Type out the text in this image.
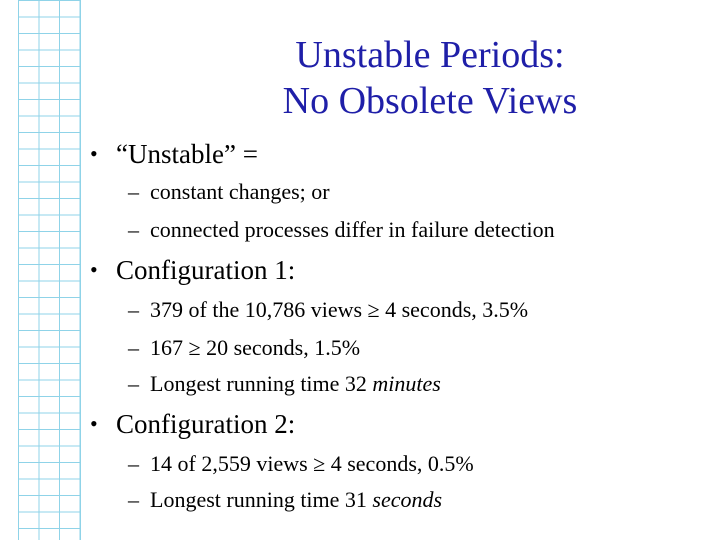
Unstable Periods:
No Obsolete Views
• “Unstable” =
– constant changes; or
– connected processes differ in failure detection
• Configuration 1:
– 379 of the 10,786 views ≥ 4 seconds, 3.5%
– 167 ≥ 20 seconds, 1.5%
– Longest running time 32 minutes
• Configuration 2:
– 14 of 2,559 views ≥ 4 seconds, 0.5%
– Longest running time 31 seconds
